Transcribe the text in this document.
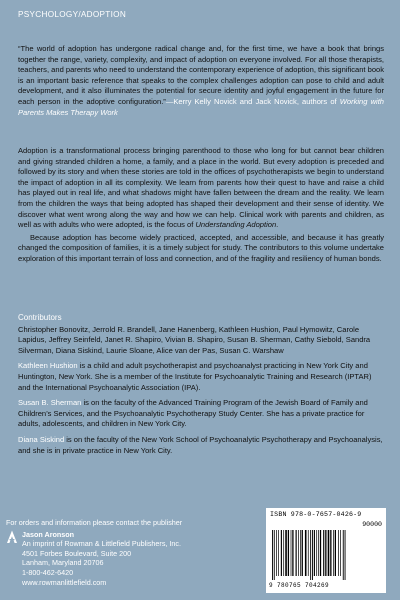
PSYCHOLOGY/ADOPTION

“The world of adoption has undergone radical change and, for the first time, we have a book that brings together the range, variety, complexity, and impact of adoption on everyone involved. For all those therapists, teachers, and parents who need to understand the contemporary experience of adoption, this significant book is an important basic reference that speaks to the complex challenges adoption can pose to child and adult development, and it also illuminates the potential for secure identity and joyful engagement in the future for each person in the adoptive configuration.”—Kerry Kelly Novick and Jack Novick, authors of Working with Parents Makes Therapy Work

Adoption is a transformational process bringing parenthood to those who long for but cannot bear children and giving stranded children a home, a family, and a place in the world. But every adoption is preceded and followed by its story and when these stories are told in the offices of psychotherapists we begin to understand the impact of adoption in all its complexity. We learn from parents how their quest to have and raise a child has played out in real life, and what shadows might have fallen between the dream and the reality. We learn from the children the ways that being adopted has shaped their development and their sense of identity. We discover what went wrong along the way and how we can help. Clinical work with parents and children, as well as with adults who were adopted, is the focus of Understanding Adoption.

Because adoption has become widely practiced, accepted, and accessible, and because it has greatly changed the composition of families, it is a timely subject for study. The contributors to this volume undertake exploration of this important terrain of loss and connection, and of the fragility and resiliency of human bonds.

Contributors

Christopher Bonovitz, Jerrold R. Brandell, Jane Hanenberg, Kathleen Hushion, Paul Hymowitz, Carole Lapidus, Jeffrey Seinfeld, Janet R. Shapiro, Vivian B. Shapiro, Susan B. Sherman, Cathy Siebold, Sandra Silverman, Diana Siskind, Laurie Sloane, Alice van der Pas, Susan C. Warshaw

Kathleen Hushion is a child and adult psychotherapist and psychoanalyst practicing in New York City and Huntington, New York. She is a member of the Institute for Psychoanalytic Training and Research (IPTAR) and the International Psychoanalytic Association (IPA).

Susan B. Sherman is on the faculty of the Advanced Training Program of the Jewish Board of Family and Children’s Services, and the Psychoanalytic Psychotherapy Study Center. She has a private practice for adults, adolescents, and children in New York City.

Diana Siskind is on the faculty of the New York School of Psychoanalytic Psychotherapy and Psychoanalysis, and she is in private practice in New York City.

For orders and information please contact the publisher
Jason Aronson
An imprint of Rowman & Littlefield Publishers, Inc.
4501 Forbes Boulevard, Suite 200
Lanham, Maryland 20706
1-800-462-6420
www.rowmanlittlefield.com
ISBN 978-0-7657-0426-9
90000
9 780765 704269
